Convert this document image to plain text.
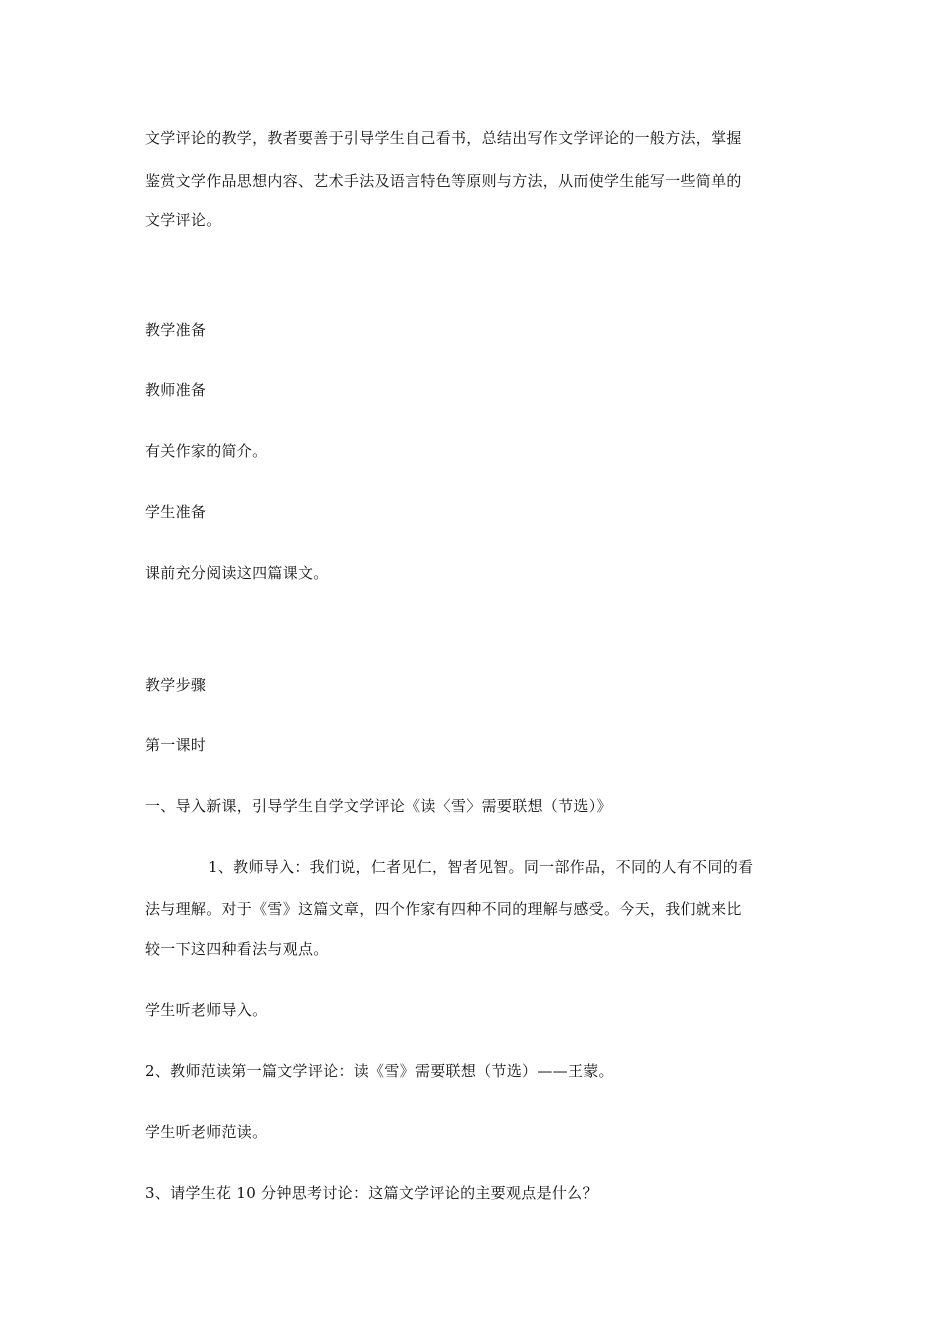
文学评论的教学，教者要善于引导学生自己看书，总结出写作文学评论的一般方法，掌握
鉴赏文学作品思想内容、艺术手法及语言特色等原则与方法，从而使学生能写一些简单的
文学评论。
教学准备
教师准备
有关作家的简介。
学生准备
课前充分阅读这四篇课文。
教学步骤
第一课时
一、导入新课，引导学生自学文学评论《读〈雪〉需要联想（节选）》
1、教师导入：我们说，仁者见仁，智者见智。同一部作品，不同的人有不同的看
法与理解。对于《雪》这篇文章，四个作家有四种不同的理解与感受。今天，我们就来比
较一下这四种看法与观点。
学生听老师导入。
2、教师范读第一篇文学评论：读《雪》需要联想（节选）——王蒙。
学生听老师范读。
3、请学生花 10 分钟思考讨论：这篇文学评论的主要观点是什么？
